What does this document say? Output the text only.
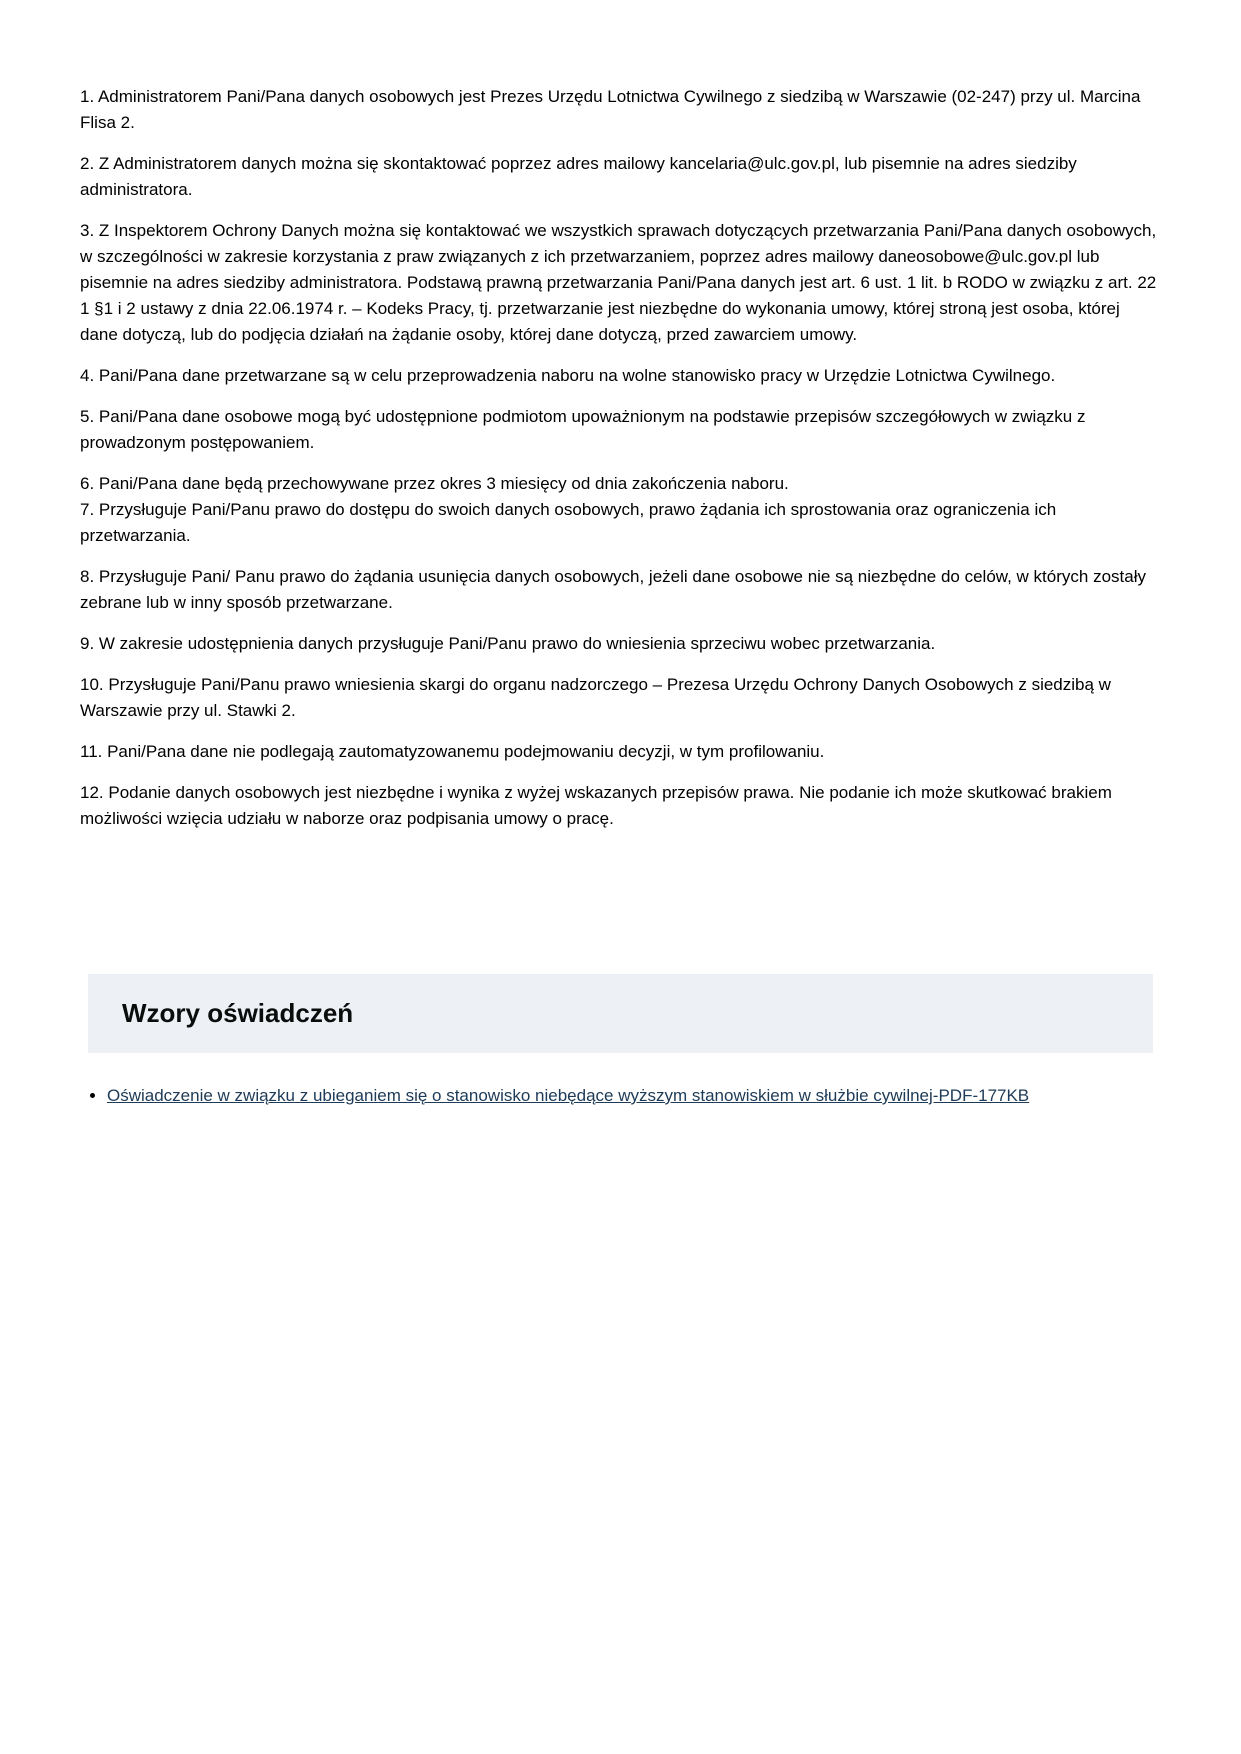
1. Administratorem Pani/Pana danych osobowych jest Prezes Urzędu Lotnictwa Cywilnego z siedzibą w Warszawie (02-247) przy ul. Marcina Flisa 2.

2. Z Administratorem danych można się skontaktować poprzez adres mailowy kancelaria@ulc.gov.pl, lub pisemnie na adres siedziby administratora.

3. Z Inspektorem Ochrony Danych można się kontaktować we wszystkich sprawach dotyczących przetwarzania Pani/Pana danych osobowych, w szczególności w zakresie korzystania z praw związanych z ich przetwarzaniem, poprzez adres mailowy daneosobowe@ulc.gov.pl lub pisemnie na adres siedziby administratora. Podstawą prawną przetwarzania Pani/Pana danych jest art. 6 ust. 1 lit. b RODO w związku z art. 22 1 §1 i 2 ustawy z dnia 22.06.1974 r. – Kodeks Pracy, tj. przetwarzanie jest niezbędne do wykonania umowy, której stroną jest osoba, której dane dotyczą, lub do podjęcia działań na żądanie osoby, której dane dotyczą, przed zawarciem umowy.

4. Pani/Pana dane przetwarzane są w celu przeprowadzenia naboru na wolne stanowisko pracy w Urzędzie Lotnictwa Cywilnego.

5. Pani/Pana dane osobowe mogą być udostępnione podmiotom upoważnionym na podstawie przepisów szczegółowych w związku z prowadzonym postępowaniem.

6. Pani/Pana dane będą przechowywane przez okres 3 miesięcy od dnia zakończenia naboru.

7. Przysługuje Pani/Panu prawo do dostępu do swoich danych osobowych, prawo żądania ich sprostowania oraz ograniczenia ich przetwarzania.

8. Przysługuje Pani/ Panu prawo do żądania usunięcia danych osobowych, jeżeli dane osobowe nie są niezbędne do celów, w których zostały zebrane lub w inny sposób przetwarzane.

9. W zakresie udostępnienia danych przysługuje Pani/Panu prawo do wniesienia sprzeciwu wobec przetwarzania.

10. Przysługuje Pani/Panu prawo wniesienia skargi do organu nadzorczego – Prezesa Urzędu Ochrony Danych Osobowych z siedzibą w Warszawie przy ul. Stawki 2.

11. Pani/Pana dane nie podlegają zautomatyzowanemu podejmowaniu decyzji, w tym profilowaniu.

12. Podanie danych osobowych jest niezbędne i wynika z wyżej wskazanych przepisów prawa. Nie podanie ich może skutkować brakiem możliwości wzięcia udziału w naborze oraz podpisania umowy o pracę.

Wzory oświadczeń
• Oświadczenie w związku z ubieganiem się o stanowisko niebędące wyższym stanowiskiem w służbie cywilnej-PDF-177KB
